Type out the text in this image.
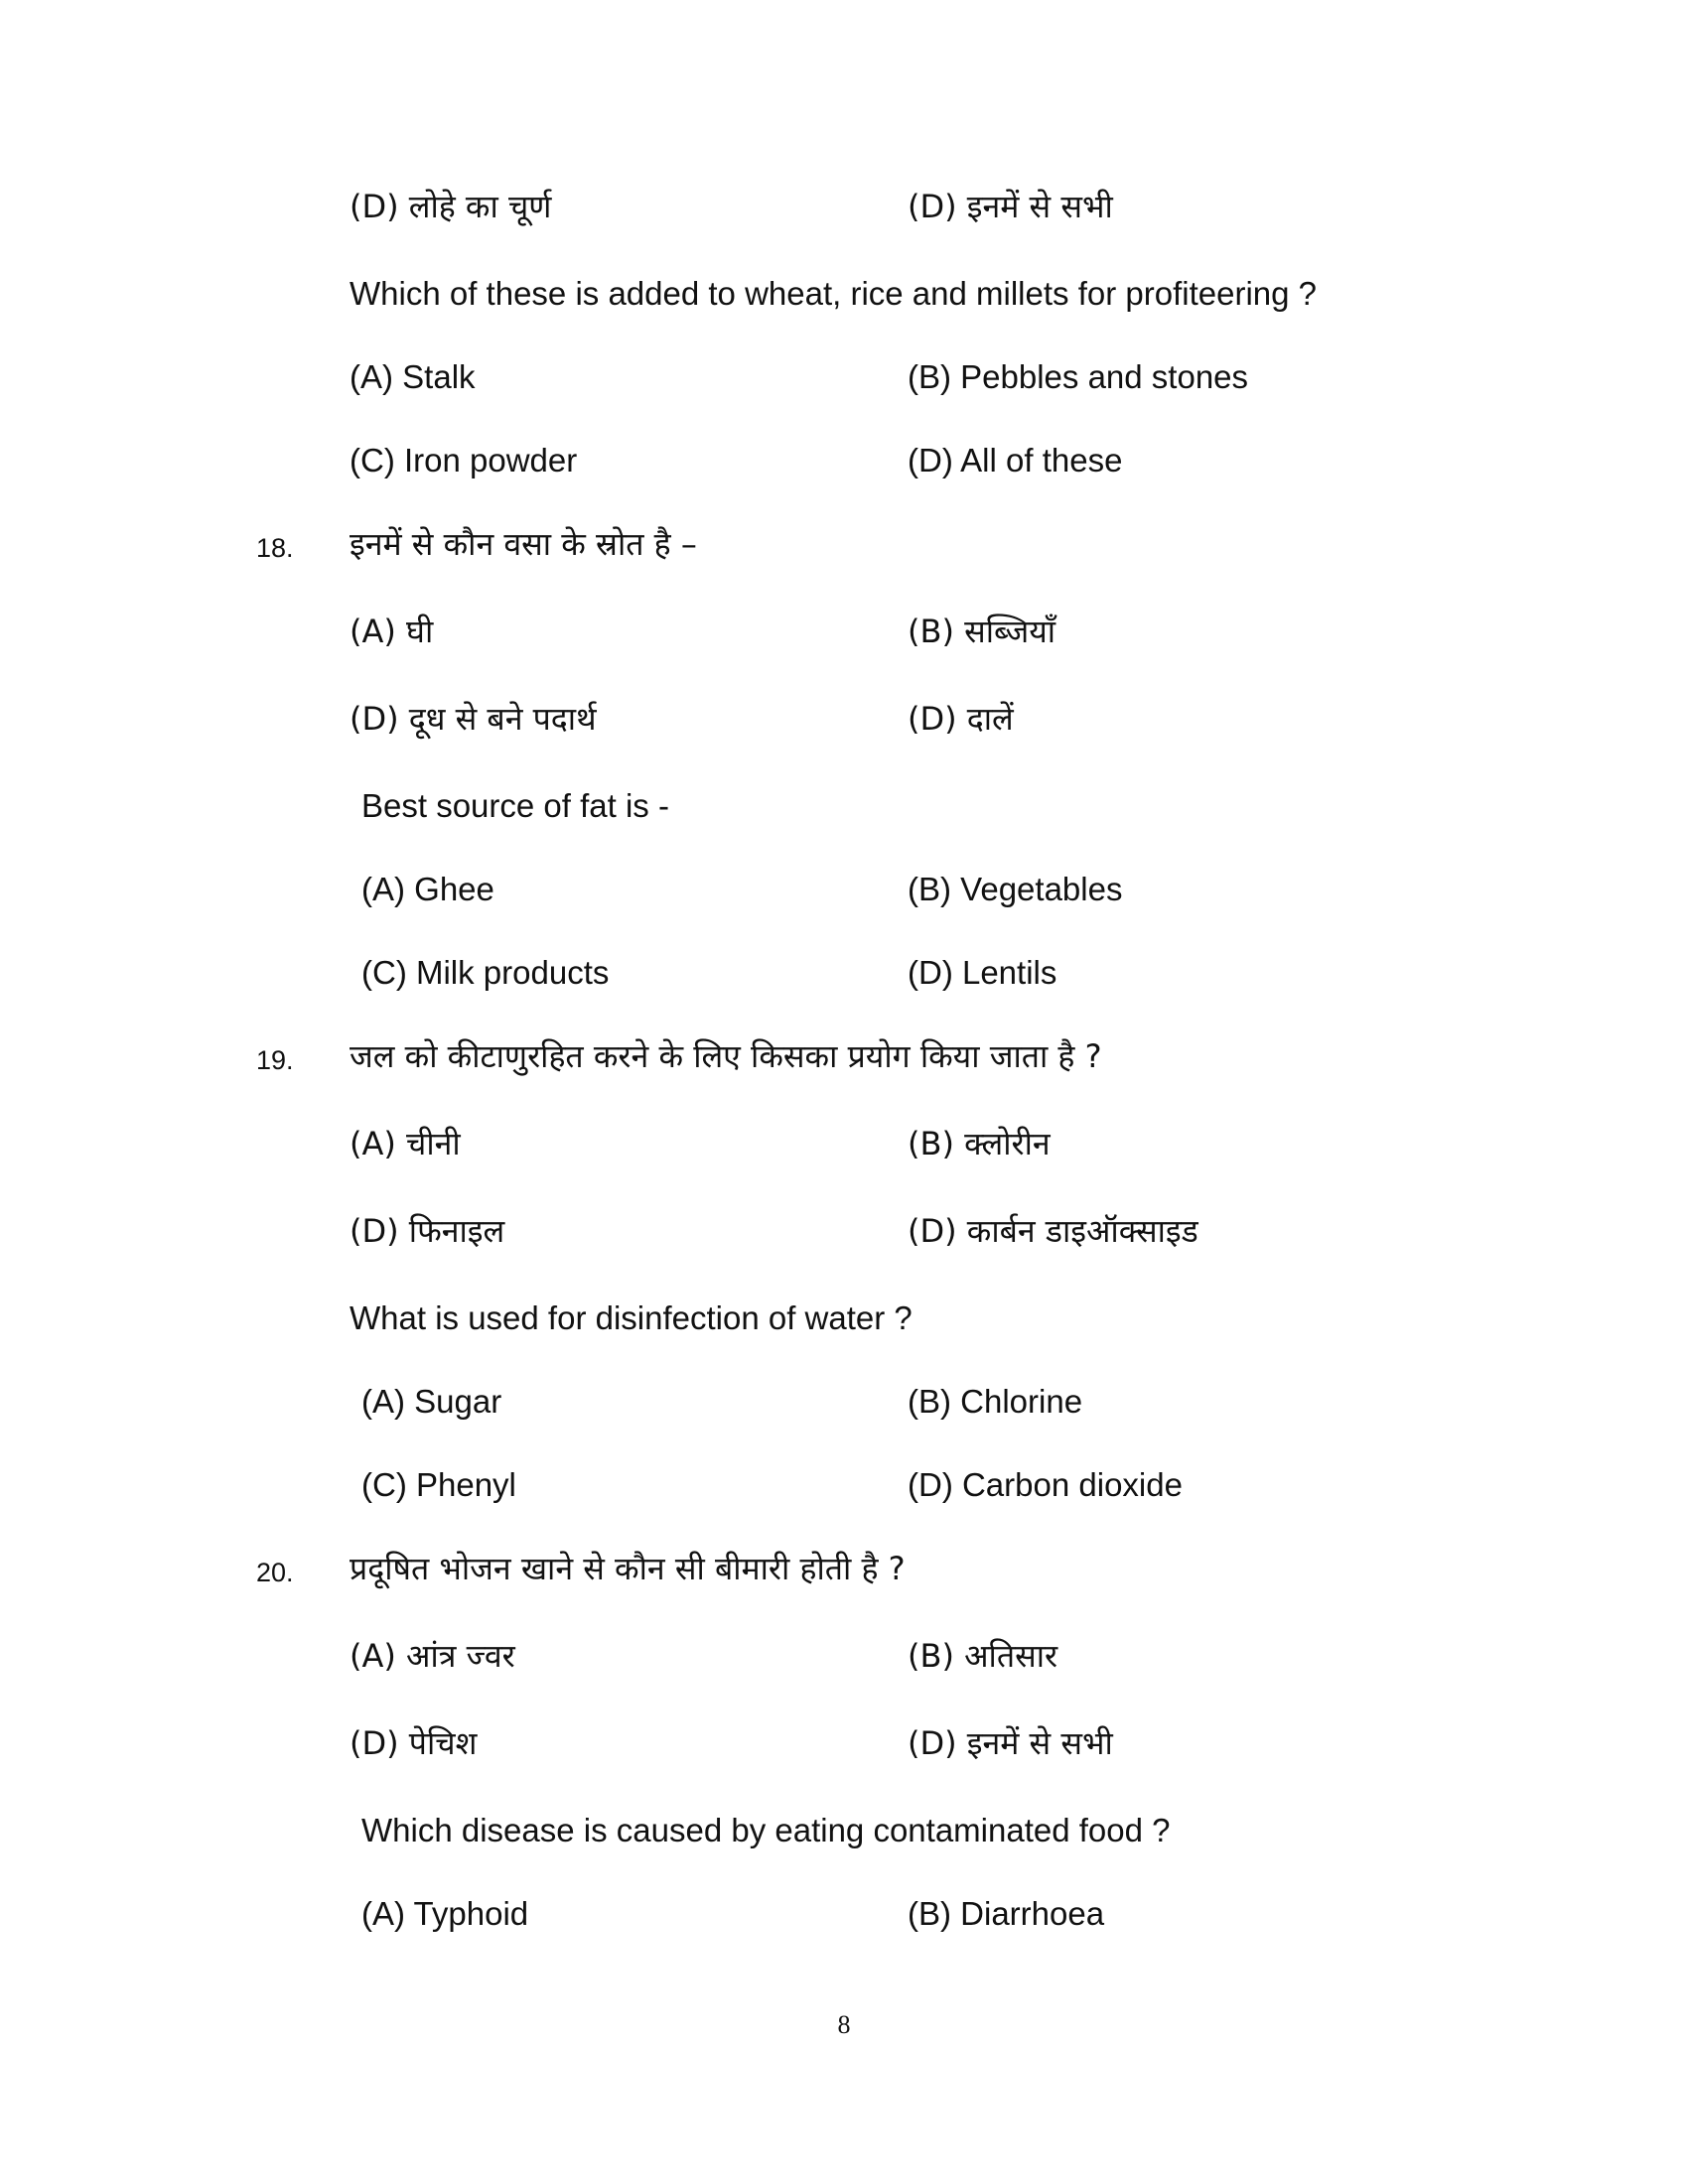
(D) लोहे का चूर्ण	(D) इनमें से सभी
Which of these is added to wheat, rice and millets for profiteering ?
(A) Stalk	(B) Pebbles and stones
(C) Iron powder	(D) All of these
18. इनमें से कौन वसा के स्रोत है –
(A) घी	(B) सब्जियाँ
(D) दूध से बने पदार्थ	(D) दालें
Best source of fat is -
(A) Ghee	(B) Vegetables
(C) Milk products	(D) Lentils
19. जल को कीटाणुरहित करने के लिए किसका प्रयोग किया जाता है ?
(A) चीनी	(B) क्लोरीन
(D) फिनाइल	(D) कार्बन डाइऑक्साइड
What is used for disinfection of water ?
(A) Sugar	(B) Chlorine
(C) Phenyl	(D) Carbon dioxide
20. प्रदूषित भोजन खाने से कौन सी बीमारी होती है ?
(A) आंत्र ज्वर	(B) अतिसार
(D) पेचिश	(D) इनमें से सभी
Which disease is caused by eating contaminated food ?
(A) Typhoid	(B) Diarrhoea
8
